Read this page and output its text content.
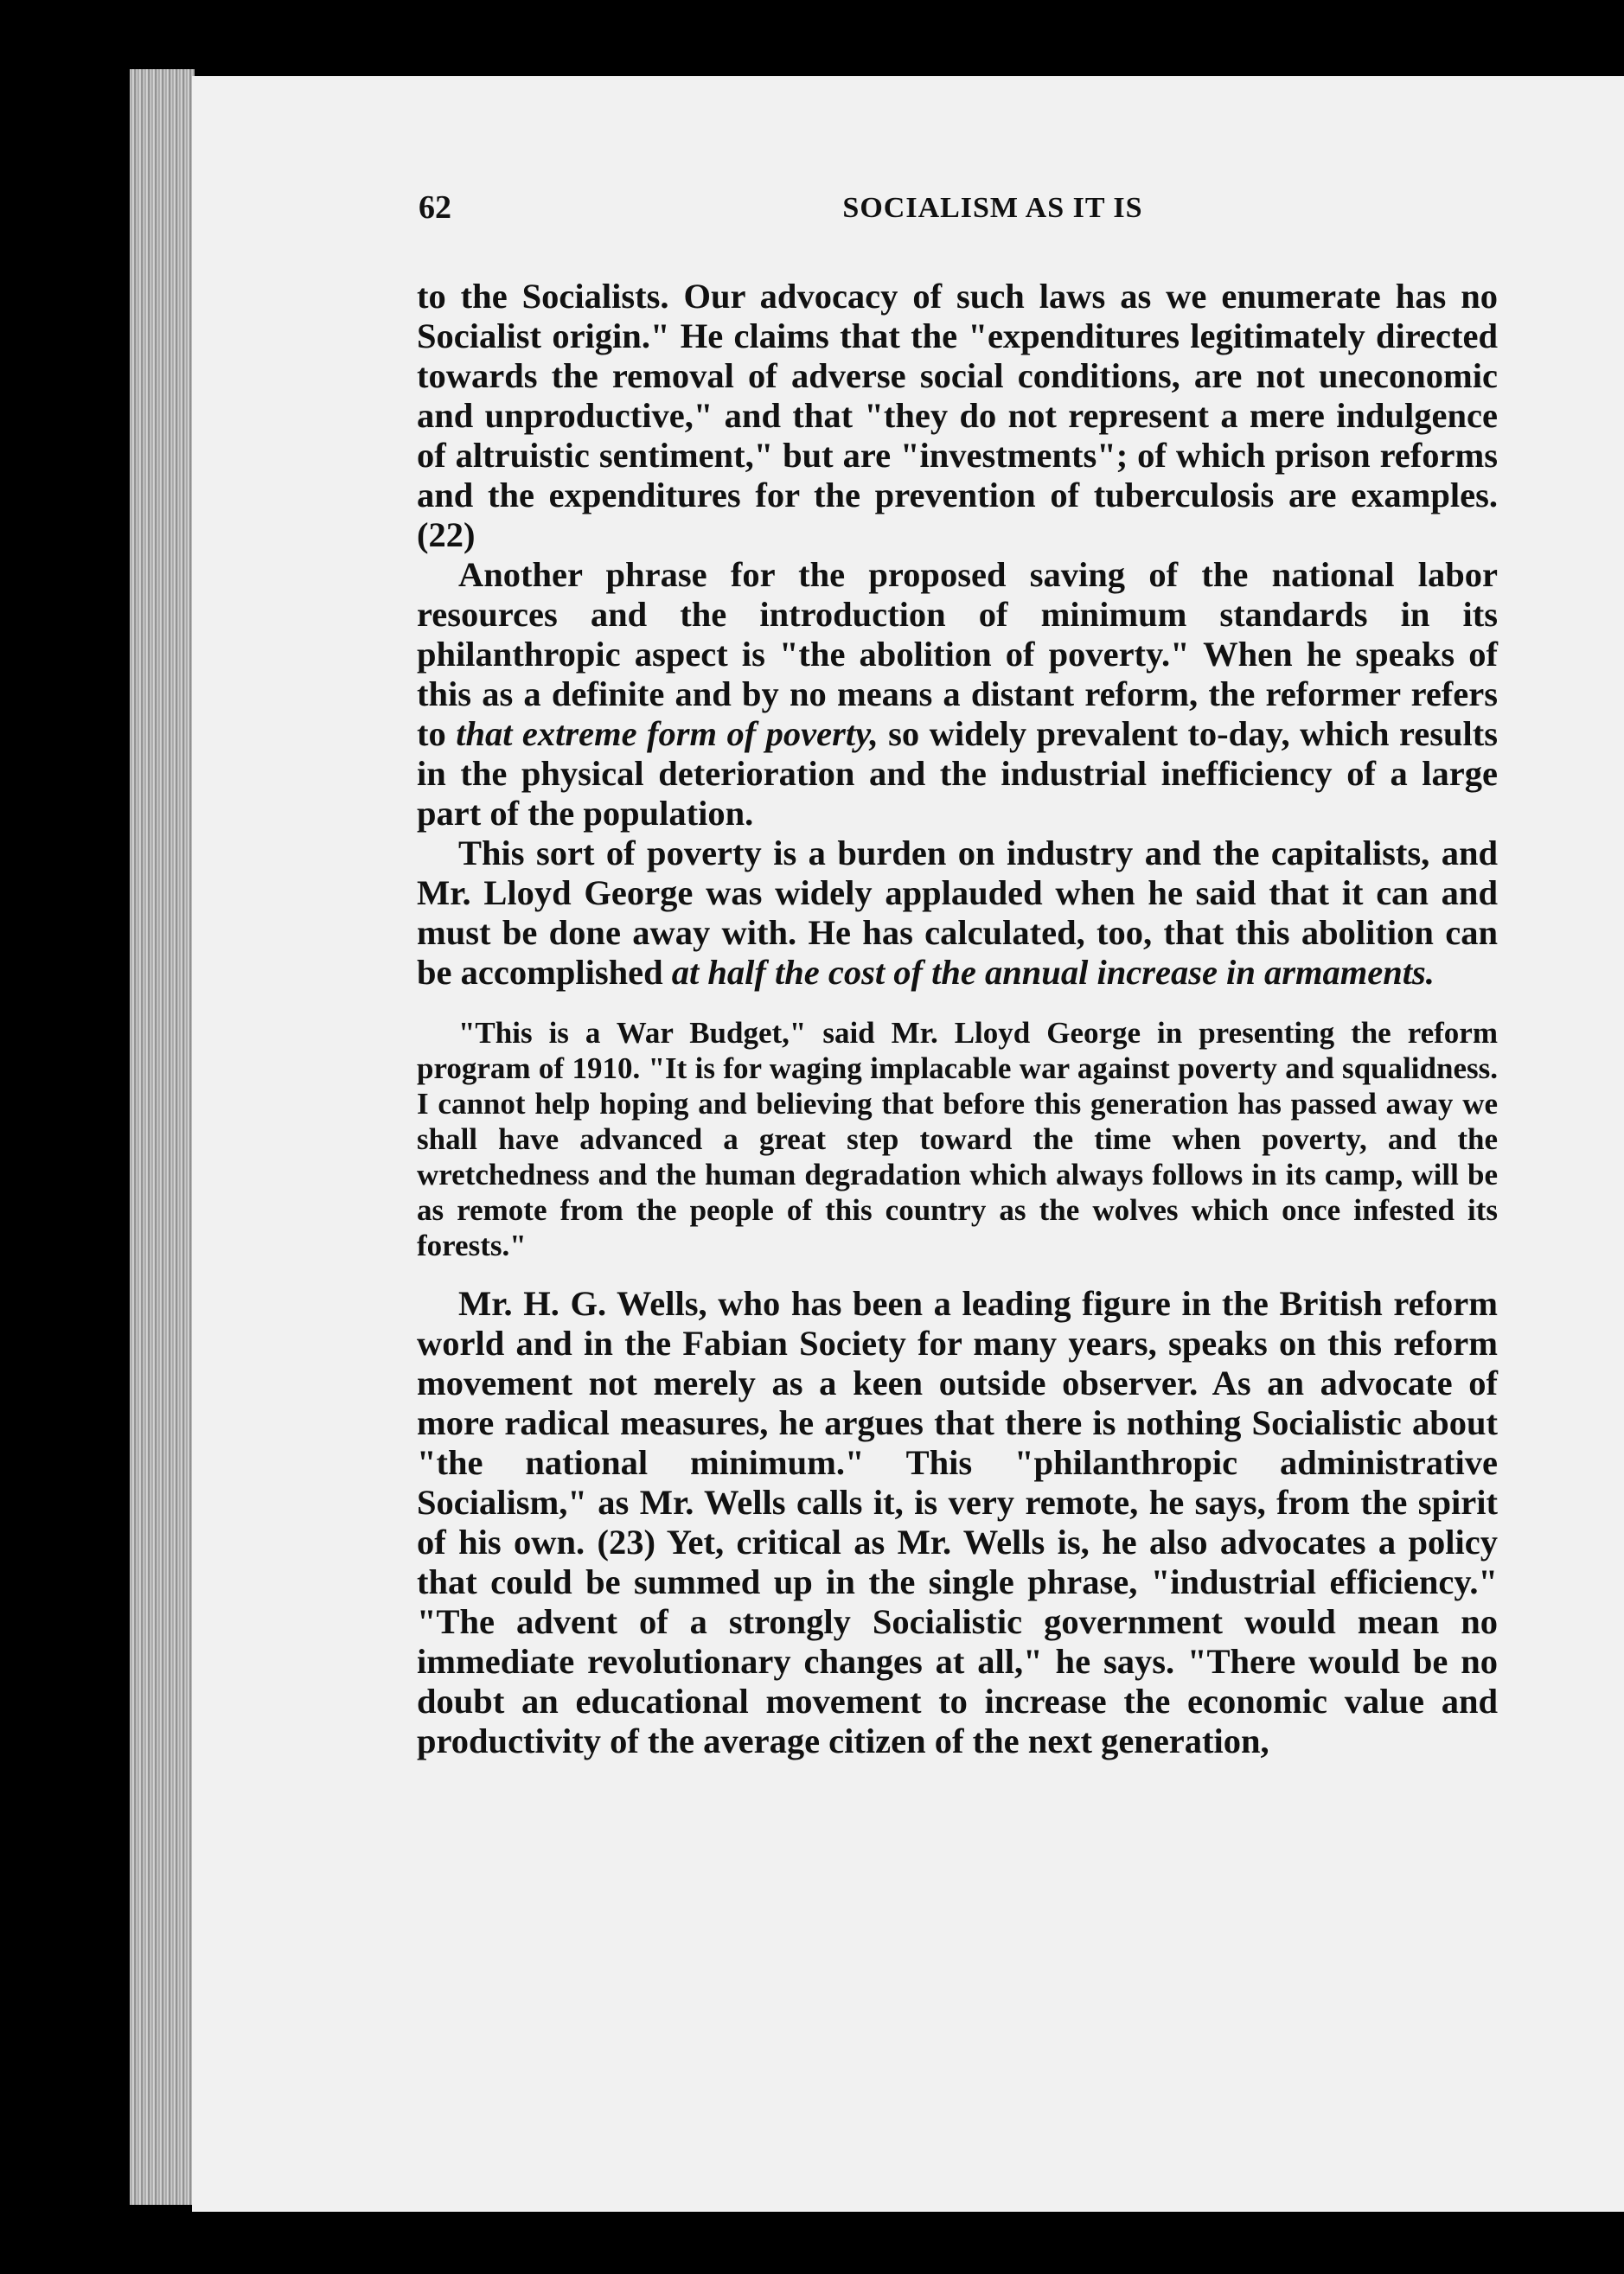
62	SOCIALISM AS IT IS

to the Socialists. Our advocacy of such laws as we enumerate has no Socialist origin." He claims that the "expenditures legitimately directed towards the removal of adverse social conditions, are not uneconomic and unproductive," and that "they do not represent a mere indulgence of altruistic sentiment," but are "investments"; of which prison reforms and the expenditures for the prevention of tuberculosis are examples. (22)

Another phrase for the proposed saving of the national labor resources and the introduction of minimum standards in its philanthropic aspect is "the abolition of poverty." When he speaks of this as a definite and by no means a distant reform, the reformer refers to that extreme form of poverty, so widely prevalent to-day, which results in the physical deterioration and the industrial inefficiency of a large part of the population.

This sort of poverty is a burden on industry and the capitalists, and Mr. Lloyd George was widely applauded when he said that it can and must be done away with. He has calculated, too, that this abolition can be accomplished at half the cost of the annual increase in armaments.

"This is a War Budget," said Mr. Lloyd George in presenting the reform program of 1910. "It is for waging implacable war against poverty and squalidness. I cannot help hoping and believing that before this generation has passed away we shall have advanced a great step toward the time when poverty, and the wretchedness and the human degradation which always follows in its camp, will be as remote from the people of this country as the wolves which once infested its forests."

Mr. H. G. Wells, who has been a leading figure in the British reform world and in the Fabian Society for many years, speaks on this reform movement not merely as a keen outside observer. As an advocate of more radical measures, he argues that there is nothing Socialistic about "the national minimum." This "philanthropic administrative Socialism," as Mr. Wells calls it, is very remote, he says, from the spirit of his own. (23) Yet, critical as Mr. Wells is, he also advocates a policy that could be summed up in the single phrase, "industrial efficiency." "The advent of a strongly Socialistic government would mean no immediate revolutionary changes at all," he says. "There would be no doubt an educational movement to increase the economic value and productivity of the average citizen of the next generation,
